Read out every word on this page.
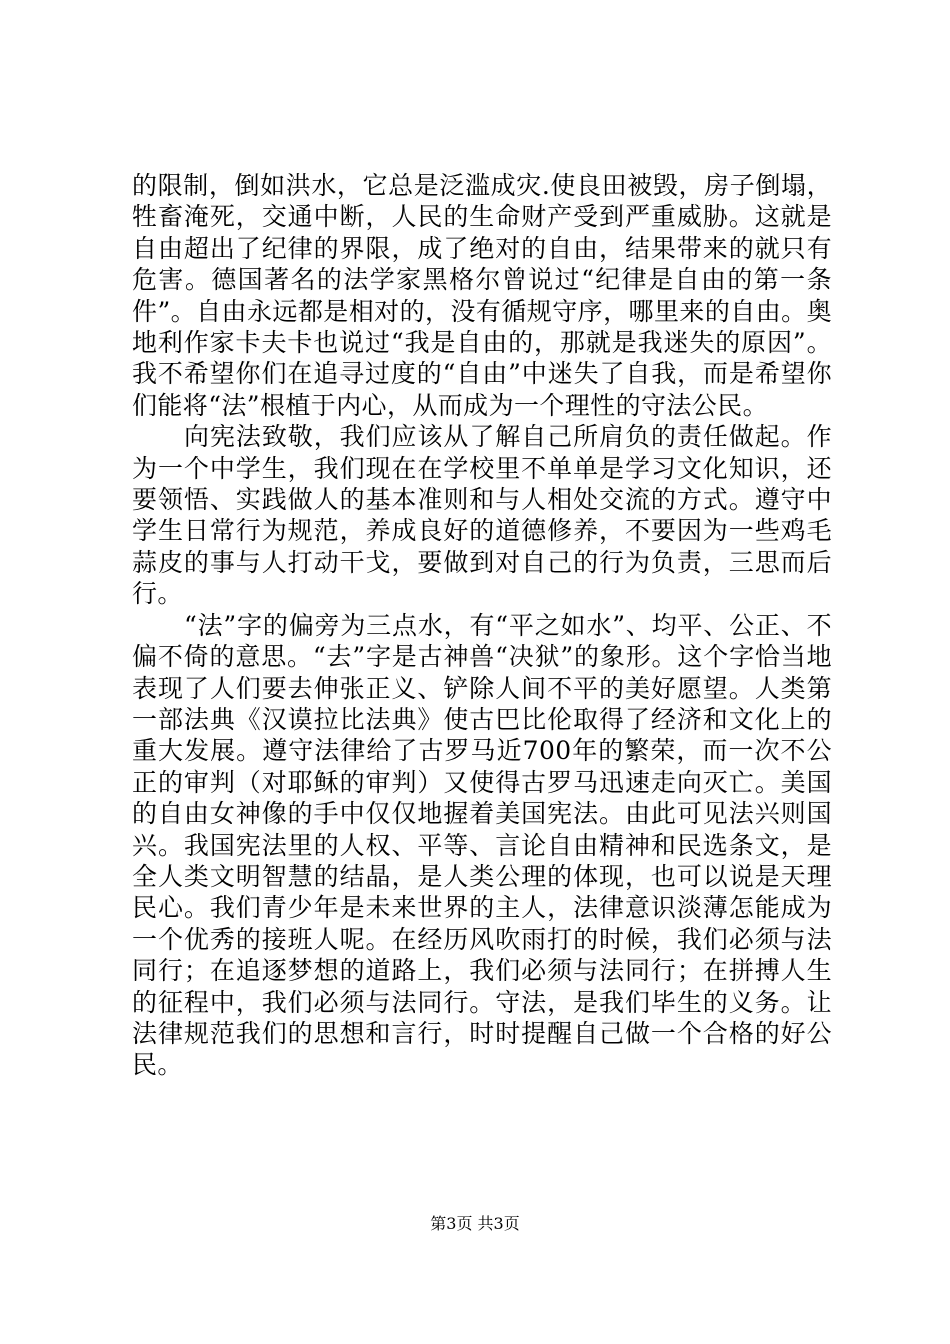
的限制，倒如洪水，它总是泛滥成灾.使良田被毁，房子倒塌，牲畜淹死，交通中断，人民的生命财产受到严重威胁。这就是自由超出了纪律的界限，成了绝对的自由，结果带来的就只有危害。德国著名的法学家黑格尔曾说过“纪律是自由的第一条件”。自由永远都是相对的，没有循规守序，哪里来的自由。奥地利作家卡夫卡也说过“我是自由的，那就是我迷失的原因”。我不希望你们在追寻过度的“自由”中迷失了自我，而是希望你们能将“法”根植于内心，从而成为一个理性的守法公民。

向宪法致敬，我们应该从了解自己所肩负的责任做起。作为一个中学生，我们现在在学校里不单单是学习文化知识，还要领悟、实践做人的基本准则和与人相处交流的方式。遵守中学生日常行为规范，养成良好的道德修养，不要因为一些鸡毛蒜皮的事与人打动干戈，要做到对自己的行为负责，三思而后行。

“法”字的偏旁为三点水，有“平之如水”、均平、公正、不偏不倚的意思。“去”字是古神兽“决狱”的象形。这个字恰当地表现了人们要去伸张正义、铲除人间不平的美好愿望。人类第一部法典《汉谟拉比法典》使古巴比伦取得了经济和文化上的重大发展。遵守法律给了古罗马近700年的繁荣，而一次不公正的审判（对耶稣的审判）又使得古罗马迅速走向灭亡。美国的自由女神像的手中仅仅地握着美国宪法。由此可见法兴则国兴。我国宪法里的人权、平等、言论自由精神和民选条文，是全人类文明智慧的结晶，是人类公理的体现，也可以说是天理民心。我们青少年是未来世界的主人，法律意识淡薄怎能成为一个优秀的接班人呢。在经历风吹雨打的时候，我们必须与法同行；在追逐梦想的道路上，我们必须与法同行；在拼搏人生的征程中，我们必须与法同行。守法，是我们毕生的义务。让法律规范我们的思想和言行，时时提醒自己做一个合格的好公民。

第3页 共3页
